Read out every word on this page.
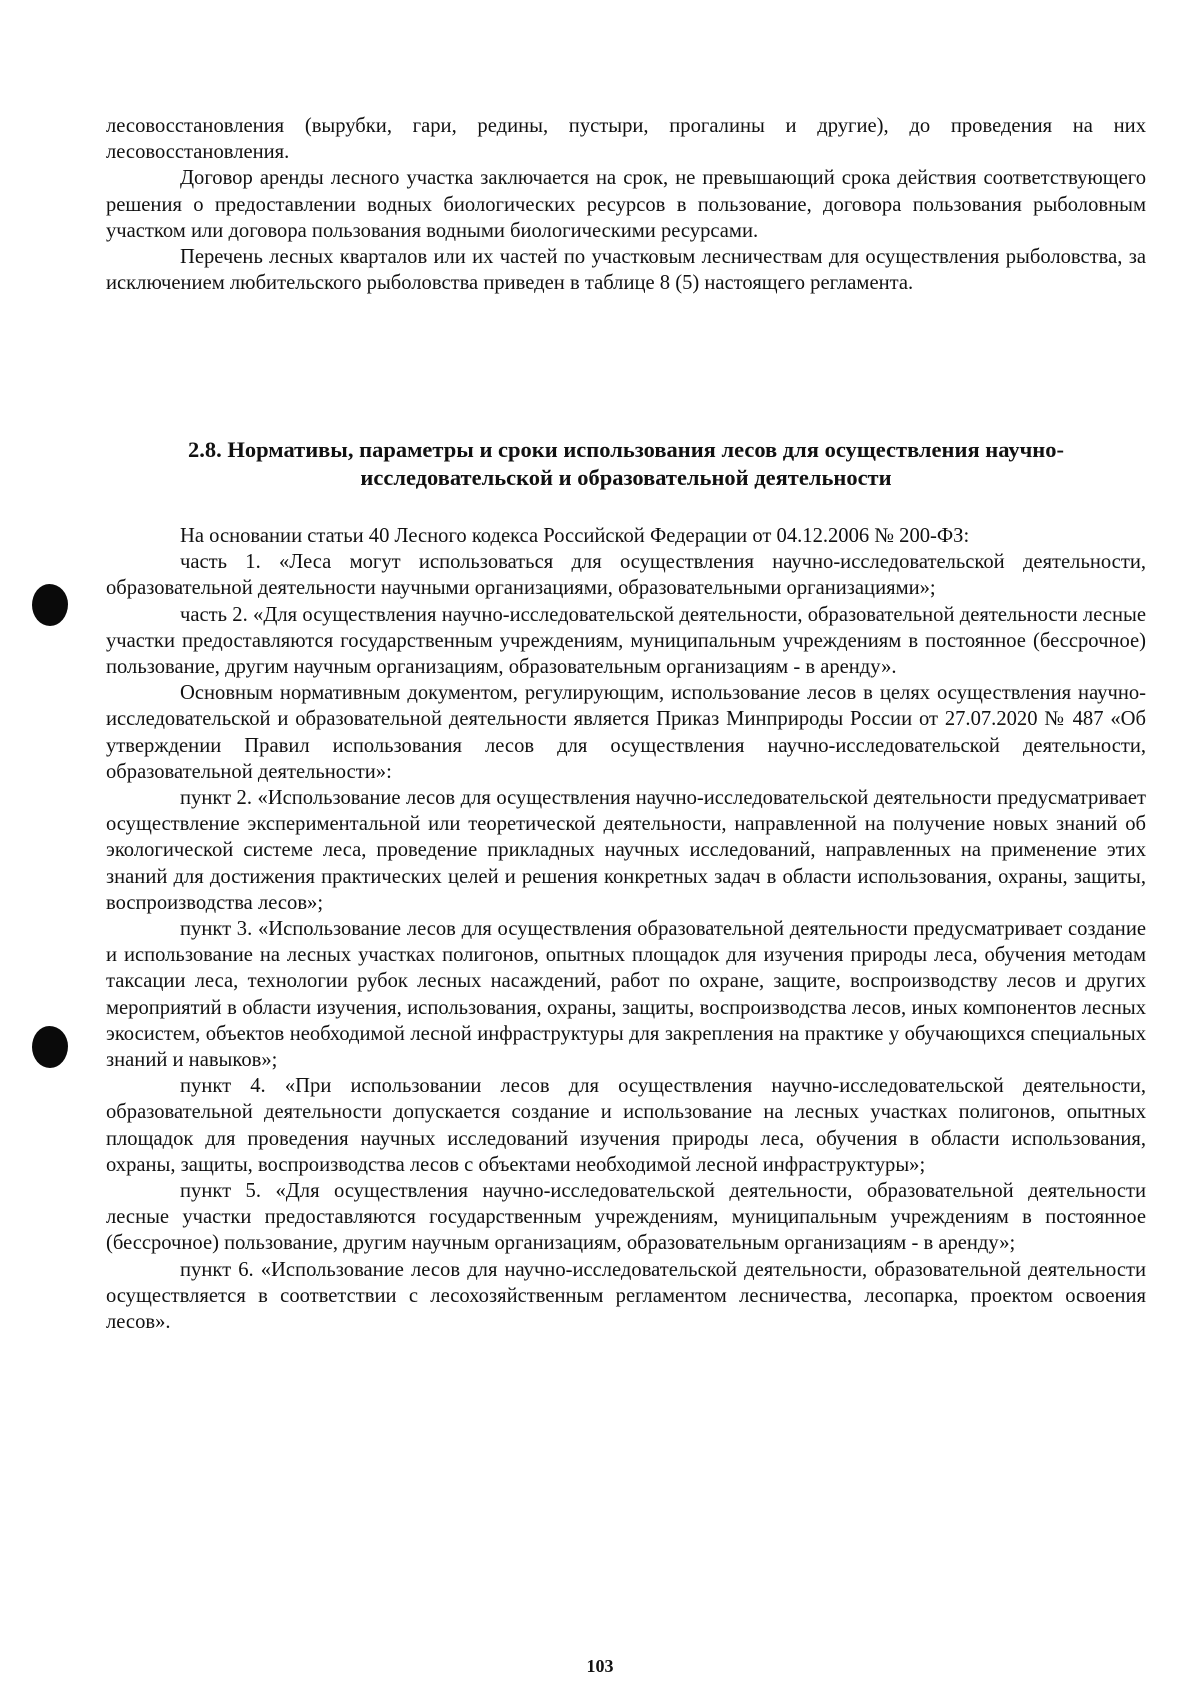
лесовосстановления (вырубки, гари, редины, пустыри, прогалины и другие), до проведения на них лесовосстановления.

Договор аренды лесного участка заключается на срок, не превышающий срока действия соответствующего решения о предоставлении водных биологических ресурсов в пользование, договора пользования рыболовным участком или договора пользования водными биологическими ресурсами.

Перечень лесных кварталов или их частей по участковым лесничествам для осуществления рыболовства, за исключением любительского рыболовства приведен в таблице 8 (5) настоящего регламента.

2.8. Нормативы, параметры и сроки использования лесов для осуществления научно-
исследовательской и образовательной деятельности

На основании статьи 40 Лесного кодекса Российской Федерации от 04.12.2006 № 200-ФЗ:

часть 1. «Леса могут использоваться для осуществления научно-исследовательской деятельности, образовательной деятельности научными организациями, образовательными организациями»;

часть 2. «Для осуществления научно-исследовательской деятельности, образовательной деятельности лесные участки предоставляются государственным учреждениям, муниципальным учреждениям в постоянное (бессрочное) пользование, другим научным организациям, образовательным организациям - в аренду».

Основным нормативным документом, регулирующим, использование лесов в целях осуществления научно-исследовательской и образовательной деятельности является Приказ Минприроды России от 27.07.2020 № 487 «Об утверждении Правил использования лесов для осуществления научно-исследовательской деятельности, образовательной деятельности»:

пункт 2. «Использование лесов для осуществления научно-исследовательской деятельности предусматривает осуществление экспериментальной или теоретической деятельности, направленной на получение новых знаний об экологической системе леса, проведение прикладных научных исследований, направленных на применение этих знаний для достижения практических целей и решения конкретных задач в области использования, охраны, защиты, воспроизводства лесов»;

пункт 3. «Использование лесов для осуществления образовательной деятельности предусматривает создание и использование на лесных участках полигонов, опытных площадок для изучения природы леса, обучения методам таксации леса, технологии рубок лесных насаждений, работ по охране, защите, воспроизводству лесов и других мероприятий в области изучения, использования, охраны, защиты, воспроизводства лесов, иных компонентов лесных экосистем, объектов необходимой лесной инфраструктуры для закрепления на практике у обучающихся специальных знаний и навыков»;

пункт 4. «При использовании лесов для осуществления научно-исследовательской деятельности, образовательной деятельности допускается создание и использование на лесных участках полигонов, опытных площадок для проведения научных исследований изучения природы леса, обучения в области использования, охраны, защиты, воспроизводства лесов с объектами необходимой лесной инфраструктуры»;

пункт 5. «Для осуществления научно-исследовательской деятельности, образовательной деятельности лесные участки предоставляются государственным учреждениям, муниципальным учреждениям в постоянное (бессрочное) пользование, другим научным организациям, образовательным организациям - в аренду»;

пункт 6. «Использование лесов для научно-исследовательской деятельности, образовательной деятельности осуществляется в соответствии с лесохозяйственным регламентом лесничества, лесопарка, проектом освоения лесов».

103
